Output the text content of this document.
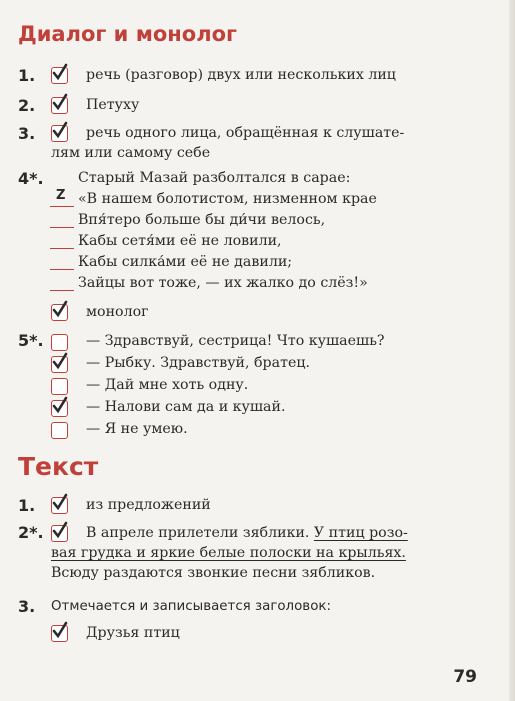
Диалог и монолог
1.	речь (разговор) двух или нескольких лиц
2.	Петуху
3.	речь одного лица, обращённая к слушате-
лям или самому себе
4*. Старый Мазай разболтался в сарае:
Z «В нашем болотистом, низменном крае
Впя́теро больше бы ди́чи велось,
Кабы сетя́ми её не ловили,
Кабы силка́ми её не давили;
Зайцы вот тоже, — их жалко до слёз!»
монолог
5*.	— Здравствуй, сестрица! Что кушаешь?
— Рыбку. Здравствуй, братец.
— Дай мне хоть одну.
— Налови сам да и кушай.
— Я не умею.
Текст
1.	из предложений
2*.	В апреле прилетели зяблики. У птиц розо-
вая грудка и яркие белые полоски на крыльях.
Всюду раздаются звонкие песни зябликов.
3. Отмечается и записывается заголовок:
Друзья птиц
79
